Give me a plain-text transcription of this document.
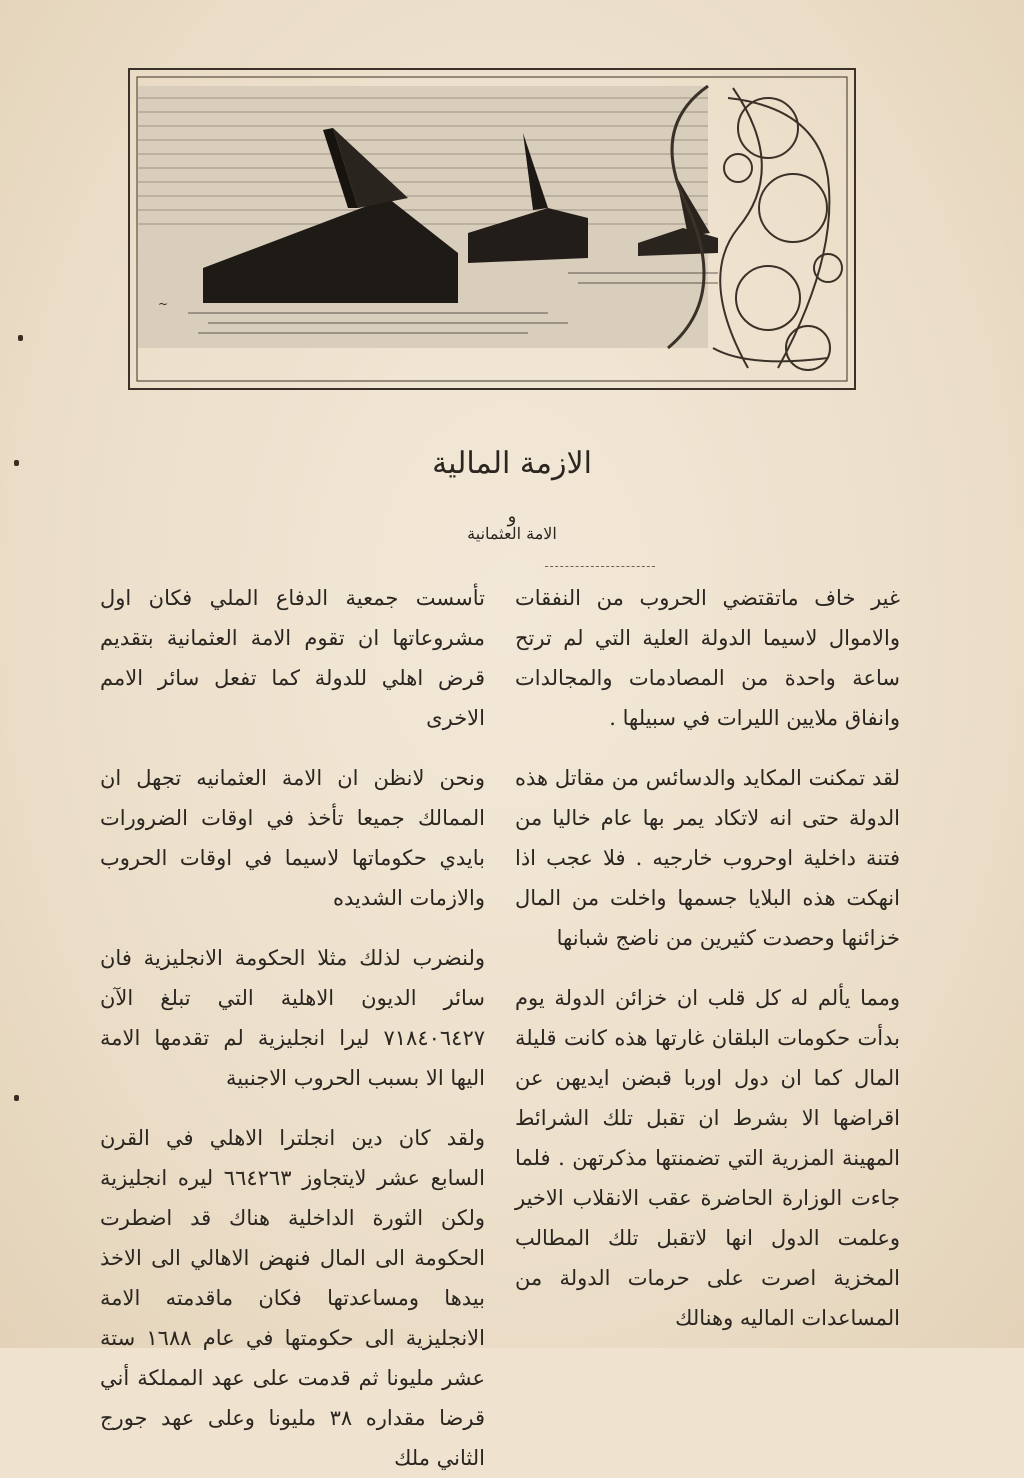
~
الازمة المالية
و
الامة العثمانية

غير خاف ماتقتضي الحروب من النفقات والاموال لاسيما الدولة العلية التي لم ترتح ساعة واحدة من المصادمات والمجالدات وانفاق ملايين الليرات في سبيلها .

لقد تمكنت المكايد والدسائس من مقاتل هذه الدولة حتى انه لاتكاد يمر بها عام خاليا من فتنة داخلية اوحروب خارجيه . فلا عجب اذا انهكت هذه البلايا جسمها واخلت من المال خزائنها وحصدت كثيرين من ناضج شبانها

ومما يألم له كل قلب ان خزائن الدولة يوم بدأت حكومات البلقان غارتها هذه كانت قليلة المال كما ان دول اوربا قبضن ايديهن عن اقراضها الا بشرط ان تقبل تلك الشرائط المهينة المزرية التي تضمنتها مذكرتهن . فلما جاءت الوزارة الحاضرة عقب الانقلاب الاخير وعلمت الدول انها لاتقبل تلك المطالب المخزية اصرت على حرمات الدولة من المساعدات الماليه وهنالك

تأسست جمعية الدفاع الملي فكان اول مشروعاتها ان تقوم الامة العثمانية بتقديم قرض اهلي للدولة كما تفعل سائر الامم الاخرى

ونحن لانظن ان الامة العثمانيه تجهل ان الممالك جميعا تأخذ في اوقات الضرورات بايدي حكوماتها لاسيما في اوقات الحروب والازمات الشديده

ولنضرب لذلك مثلا الحكومة الانجليزية فان سائر الديون الاهلية التي تبلغ الآن ٧١٨٤٠٦٤٢٧ ليرا انجليزية لم تقدمها الامة اليها الا بسبب الحروب الاجنبية

ولقد كان دين انجلترا الاهلي في القرن السابع عشر لايتجاوز ٦٦٤٢٦٣ ليره انجليزية ولكن الثورة الداخلية هناك قد اضطرت الحكومة الى المال فنهض الاهالي الى الاخذ بيدها ومساعدتها فكان ماقدمته الامة الانجليزية الى حكومتها في عام ١٦٨٨ ستة عشر مليونا ثم قدمت على عهد المملكة أني قرضا مقداره ٣٨ مليونا وعلى عهد جورج الثاني ملك
